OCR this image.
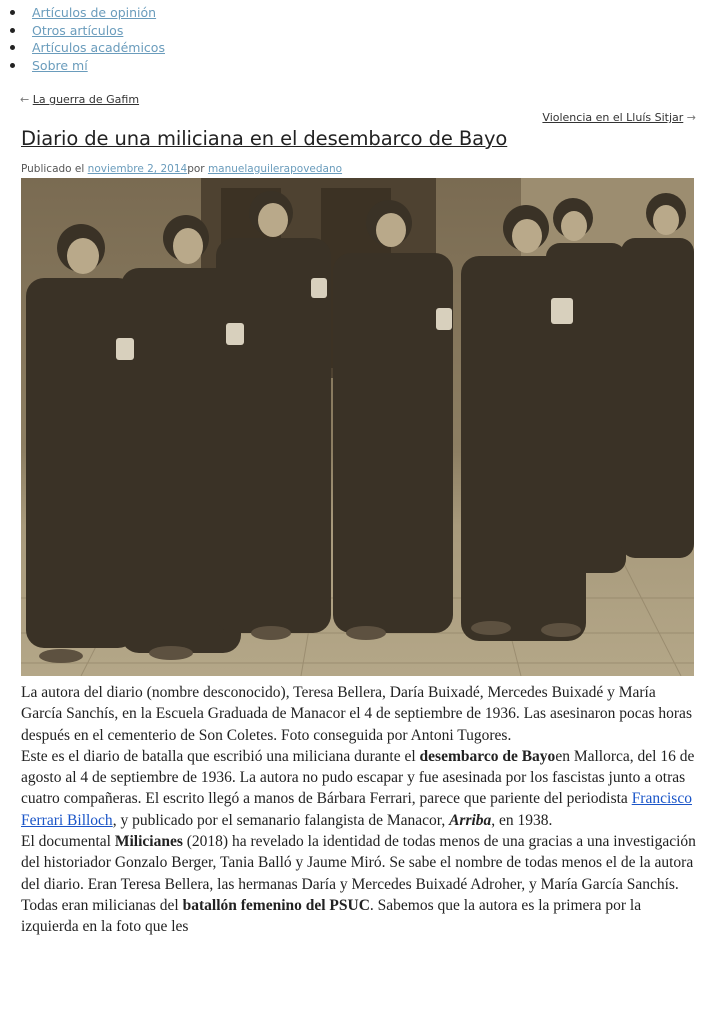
Artículos de opinión
Otros artículos
Artículos académicos
Sobre mí
← La guerra de Gafim
Violencia en el Lluís Sitjar →
Diario de una miliciana en el desembarco de Bayo
Publicado el noviembre 2, 2014por manuelaguilerapovedano

La autora del diario (nombre desconocido), Teresa Bellera, Daría Buixadé, Mercedes Buixadé y María García Sanchís, en la Escuela Graduada de Manacor el 4 de septiembre de 1936. Las asesinaron pocas horas después en el cementerio de Son Coletes. Foto conseguida por Antoni Tugores.

Este es el diario de batalla que escribió una miliciana durante el desembarco de Bayoen Mallorca, del 16 de agosto al 4 de septiembre de 1936. La autora no pudo escapar y fue asesinada por los fascistas junto a otras cuatro compañeras. El escrito llegó a manos de Bárbara Ferrari, parece que pariente del periodista Francisco Ferrari Billoch, y publicado por el semanario falangista de Manacor, Arriba, en 1938.

El documental Milicianes (2018) ha revelado la identidad de todas menos de una gracias a una investigación del historiador Gonzalo Berger, Tania Balló y Jaume Miró. Se sabe el nombre de todas menos el de la autora del diario. Eran Teresa Bellera, las hermanas Daría y Mercedes Buixadé Adroher, y María García Sanchís. Todas eran milicianas del batallón femenino del PSUC. Sabemos que la autora es la primera por la izquierda en la foto que les
